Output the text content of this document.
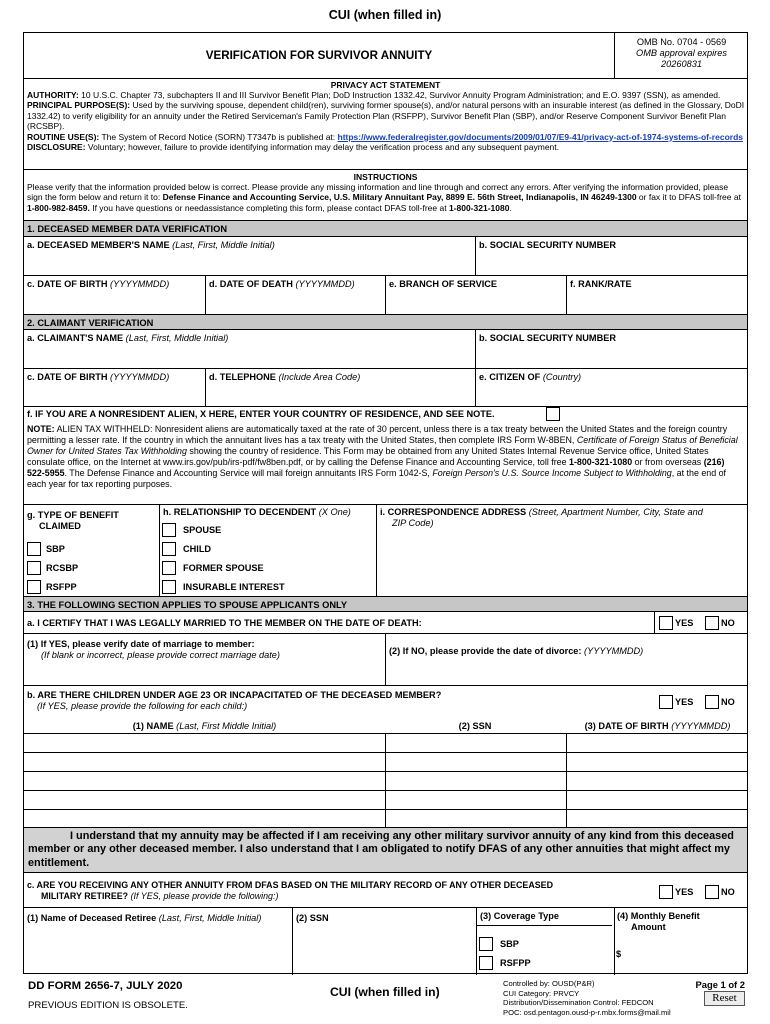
CUI (when filled in)
VERIFICATION FOR SURVIVOR ANNUITY
OMB No. 0704 - 0569
OMB approval expires
20260831
PRIVACY ACT STATEMENT
AUTHORITY: 10 U.S.C. Chapter 73, subchapters II and III Survivor Benefit Plan; DoD Instruction 1332.42, Survivor Annuity Program Administration; and E.O. 9397 (SSN), as amended.
PRINCIPAL PURPOSE(S): Used by the surviving spouse, dependent child(ren), surviving former spouse(s), and/or natural persons with an insurable interest (as defined in the Glossary, DoDI 1332.42) to verify eligibility for an annuity under the Retired Serviceman's Family Protection Plan (RSFPP), Survivor Benefit Plan (SBP), and/or Reserve Component Survivor Benefit Plan (RCSBP).
ROUTINE USE(S): The System of Record Notice (SORN) T7347b is published at: https://www.federalregister.gov/documents/2009/01/07/E9-41/privacy-act-of-1974-systems-of-records
DISCLOSURE: Voluntary; however, failure to provide identifying information may delay the verification process and any subsequent payment.
INSTRUCTIONS
Please verify that the information provided below is correct. Please provide any missing information and line through and correct any errors. After verifying the information provided, please sign the form below and return it to: Defense Finance and Accounting Service, U.S. Military Annuitant Pay, 8899 E. 56th Street, Indianapolis, IN 46249-1300 or fax it to DFAS toll-free at 1-800-982-8459. If you have questions or needassistance completing this form, please contact DFAS toll-free at 1-800-321-1080.
1. DECEASED MEMBER DATA VERIFICATION
a. DECEASED MEMBER'S NAME (Last, First, Middle Initial)	b. SOCIAL SECURITY NUMBER
c. DATE OF BIRTH (YYYYMMDD)	d. DATE OF DEATH (YYYYMMDD)	e. BRANCH OF SERVICE	f. RANK/RATE
2. CLAIMANT VERIFICATION
a. CLAIMANT'S NAME (Last, First, Middle Initial)	b. SOCIAL SECURITY NUMBER
c. DATE OF BIRTH (YYYYMMDD)	d. TELEPHONE (Include Area Code)	e. CITIZEN OF (Country)
f. IF YOU ARE A NONRESIDENT ALIEN, X HERE, ENTER YOUR COUNTRY OF RESIDENCE, AND SEE NOTE.
NOTE: ALIEN TAX WITHHELD: Nonresident aliens are automatically taxed at the rate of 30 percent, unless there is a tax treaty between the United States and the foreign country permitting a lesser rate. If the country in which the annuitant lives has a tax treaty with the United States, then complete IRS Form W-8BEN, Certificate of Foreign Status of Beneficial Owner for United States Tax Withholding showing the country of residence. This Form may be obtained from any United States Internal Revenue Service office, United States consulate office, on the Internet at www.irs.gov/pub/irs-pdf/fw8ben.pdf, or by calling the Defense Finance and Accounting Service, toll free 1-800-321-1080 or from overseas (216) 522-5955. The Defense Finance and Accounting Service will mail foreign annuitants IRS Form 1042-S, Foreign Person's U.S. Source Income Subject to Withholding, at the end of each year for tax reporting purposes.
g. TYPE OF BENEFIT
CLAIMED
SBP
RCSBP
RSFPP
h. RELATIONSHIP TO DECENDENT (X One)
SPOUSE
CHILD
FORMER SPOUSE
INSURABLE INTEREST
i. CORRESPONDENCE ADDRESS (Street, Apartment Number, City, State and
ZIP Code)
3. THE FOLLOWING SECTION APPLIES TO SPOUSE APPLICANTS ONLY
a. I CERTIFY THAT I WAS LEGALLY MARRIED TO THE MEMBER ON THE DATE OF DEATH:	YES	NO
(1) If YES, please verify date of marriage to member:
(If blank or incorrect, please provide correct marriage date)	(2) If NO, please provide the date of divorce: (YYYYMMDD)
b. ARE THERE CHILDREN UNDER AGE 23 OR INCAPACITATED OF THE DECEASED MEMBER?
(If YES, please provide the following for each child:)	YES	NO
(1) NAME (Last, First Middle Initial)	(2) SSN	(3) DATE OF BIRTH (YYYYMMDD)
I understand that my annuity may be affected if I am receiving any other military survivor annuity of any kind from this deceased member or any other deceased member. I also understand that I am obligated to notify DFAS of any other annuities that might affect my entitlement.
c. ARE YOU RECEIVING ANY OTHER ANNUITY FROM DFAS BASED ON THE MILITARY RECORD OF ANY OTHER DECEASED
MILITARY RETIREE? (If YES, please provide the following:)	YES	NO
(1) Name of Deceased Retiree (Last, First, Middle Initial)	(2) SSN	(3) Coverage Type
SBP
RSFPP
(4) Monthly Benefit
Amount
$
DD FORM 2656-7, JULY 2020
PREVIOUS EDITION IS OBSOLETE.
CUI (when filled in)
Controlled by: OUSD(P&R)
CUI Category: PRVCY
Distribution/Dissemination Control: FEDCON
POC: osd.pentagon.ousd-p-r.mbx.forms@mail.mil
Page 1 of 2
Reset
